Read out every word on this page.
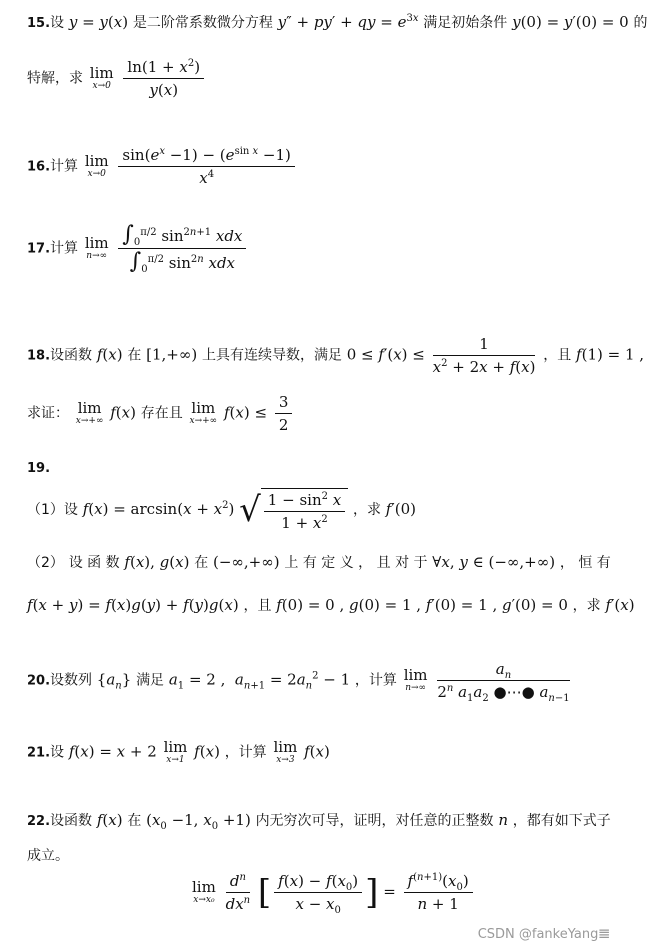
15.设 y = y(x) 是二阶常系数微分方程 y″ + py′ + qy = $e^{3x}$ 满足初始条件 y(0) = y′(0) = 0 的
特解，求 lim
x→0
$\frac{\ln(1 + x^2)}{y(x)}$
16.计算 lim
x→0
$\frac{\sin(e^x -1) - (e^{sin x} -1)}{x^4}$
17.计算 lim
n→∞
$\frac{\int_0^{\pi/2} \sin^{2n+1} xdx}{\int_0^{\pi/2} \sin^{2n} xdx}$
18.设函数 f(x) 在 [1,+∞) 上具有连续导数，满足 $0 \le f'(x) \le \frac{1}{x^2 + 2x + f(x)}$ ，且 f(1) = 1 ,
求证： lim
x→+∞ f(x) 存在且 lim
x→+∞ $f(x) \le \frac{3}{2}$
19.
（1）设 $f(x) = \arcsin(x + x^2)$ √ $\frac{1 - \sin^2 x}{1 + x^2}$ ，求 f′(0)
（2） 设 函 数 f(x), g(x) 在 (−∞,+∞) 上 有 定 义 ， 且 对 于 ∀x, y ∈ (−∞,+∞) ， 恒 有
f(x + y) = f(x)g(y) + f(y)g(x) ，且 f(0) = 0 , g(0) = 1 , f′(0) = 1 , g′(0) = 0 ，求 f′(x)
20.设数列 $\{a_n\}$ 满足 $a_1 = 2$ ,  $a_{n+1} = 2a_n^2 - 1$ ，计算 lim
n→∞
$\frac{a_n}{2^n a_1a_2 ●\cdots● a_{n-1}}$
21.设 f(x) = x + 2 lim
x→1 f(x) ，计算 lim
x→3 f(x)
22.设函数 f(x) 在 ($x_0 -1$, $x_0 +1$) 内无穷次可导，证明，对任意的正整数 n ，都有如下式子
成立。
lim
x→x₀
$\frac{d^n}{dx^n}$ [ $\frac{f(x) - f(x_0)}{x - x_0}$ ] = $\frac{f^{(n+1)}(x_0)}{n + 1}$
CSDN @fankeYang𝌆
